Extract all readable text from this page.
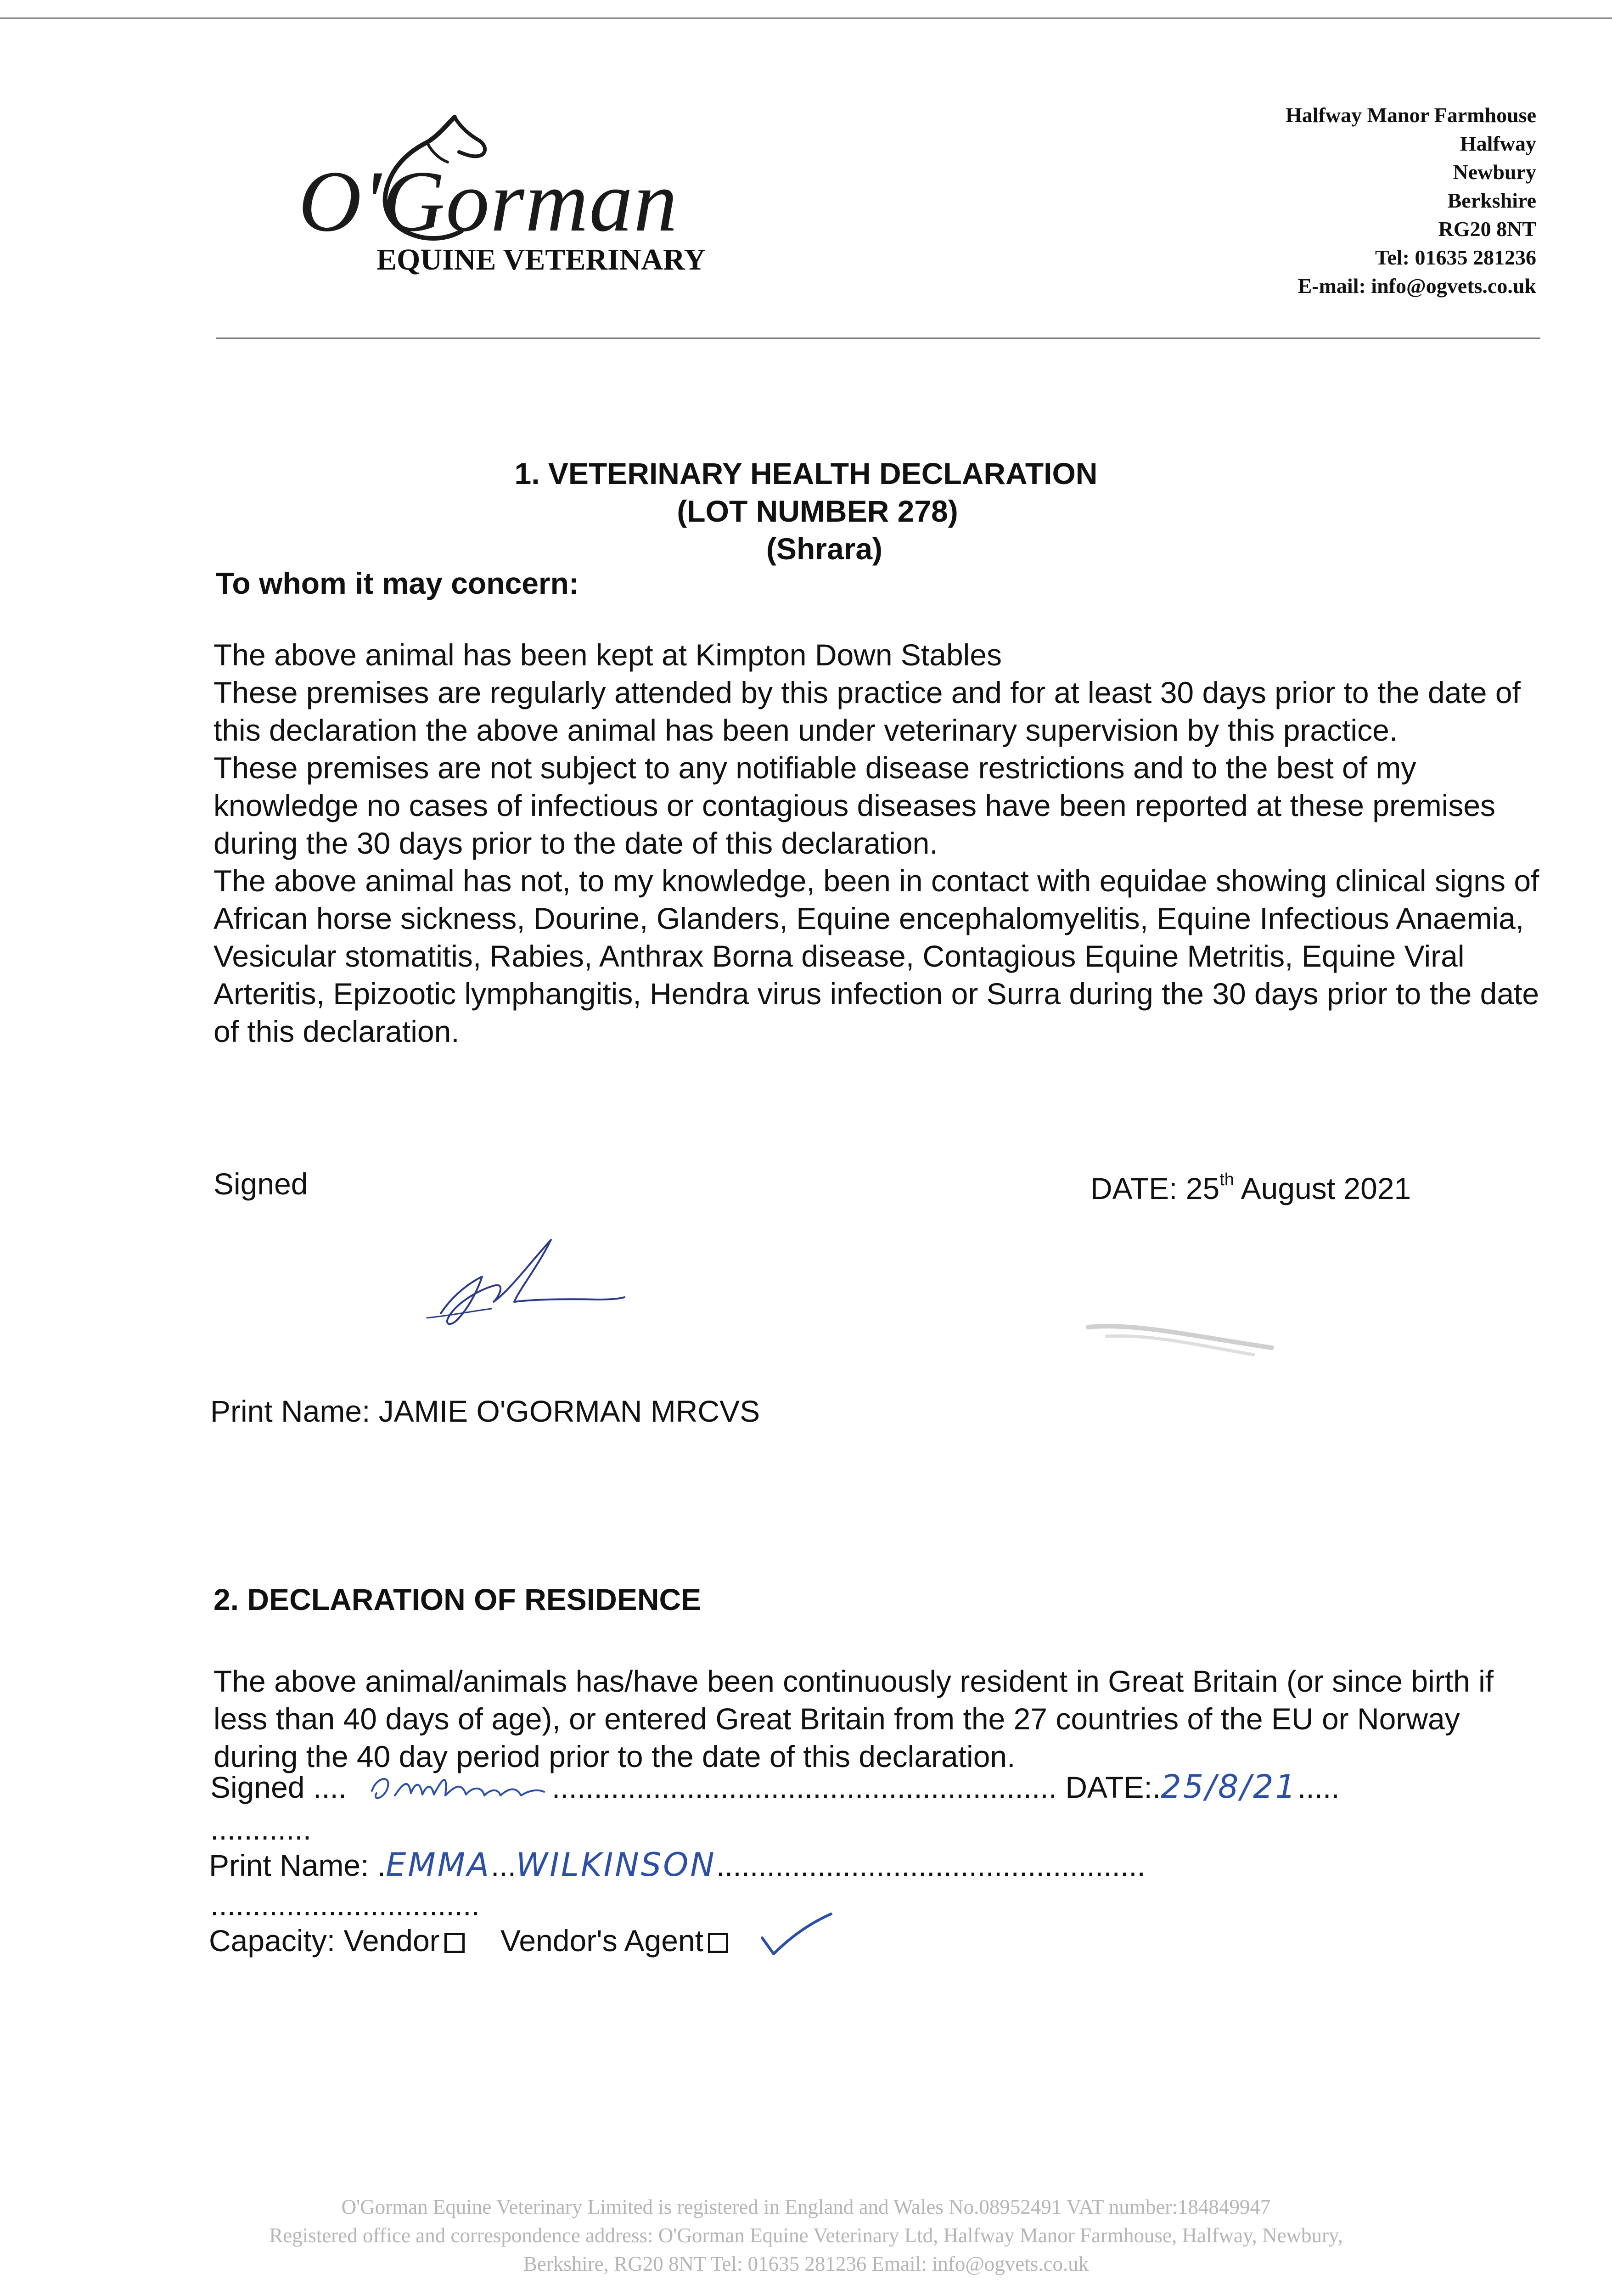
O'Gorman
EQUINE VETERINARY
Halfway Manor Farmhouse
Halfway
Newbury
Berkshire
RG20 8NT
Tel: 01635 281236
E-mail: info@ogvets.co.uk
1. VETERINARY HEALTH DECLARATION
(LOT NUMBER 278)
(Shrara)
To whom it may concern:

The above animal has been kept at Kimpton Down Stables

These premises are regularly attended by this practice and for at least 30 days prior to the date of this declaration the above animal has been under veterinary supervision by this practice.

These premises are not subject to any notifiable disease restrictions and to the best of my knowledge no cases of infectious or contagious diseases have been reported at these premises during the 30 days prior to the date of this declaration.

The above animal has not, to my knowledge, been in contact with equidae showing clinical signs of African horse sickness, Dourine, Glanders, Equine encephalomyelitis, Equine Infectious Anaemia, Vesicular stomatitis, Rabies, Anthrax Borna disease, Contagious Equine Metritis, Equine Viral Arteritis, Epizootic lymphangitis, Hendra virus infection or Surra during the 30 days prior to the date of this declaration.

Signed	DATE: 25th August 2021
Print Name: JAMIE O'GORMAN MRCVS
2. DECLARATION OF RESIDENCE
The above animal/animals has/have been continuously resident in Great Britain (or since birth if less than 40 days of age), or entered Great Britain from the 27 countries of the EU or Norway during the 40 day period prior to the date of this declaration.
Signed ....	............................................................ DATE:.25/8/21.....
............
Print Name: .EMMA...WILKINSON...................................................
................................
Capacity: Vendor Vendor's Agent
O'Gorman Equine Veterinary Limited is registered in England and Wales No.08952491 VAT number:184849947
Registered office and correspondence address: O'Gorman Equine Veterinary Ltd, Halfway Manor Farmhouse, Halfway, Newbury,
Berkshire, RG20 8NT Tel: 01635 281236 Email: info@ogvets.co.uk
